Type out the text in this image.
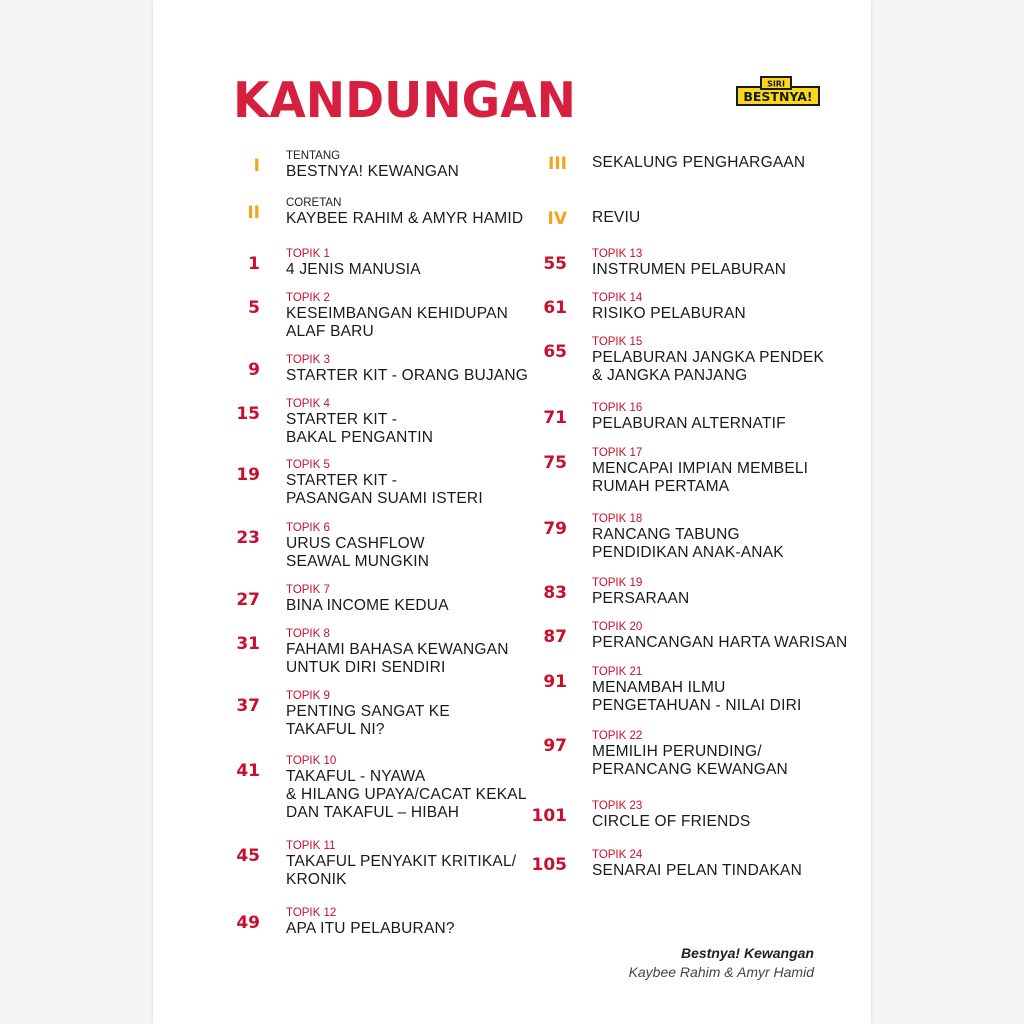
KANDUNGAN	SIRI
BESTNYA!
I TENTANG
BESTNYA! KEWANGAN
II CORETAN
KAYBEE RAHIM & AMYR HAMID
1 TOPIK 1
4 JENIS MANUSIA
5 TOPIK 2
KESEIMBANGAN KEHIDUPAN
ALAF BARU
9 TOPIK 3
STARTER KIT - ORANG BUJANG
15 TOPIK 4
STARTER KIT -
BAKAL PENGANTIN
19 TOPIK 5
STARTER KIT -
PASANGAN SUAMI ISTERI
23 TOPIK 6
URUS CASHFLOW
SEAWAL MUNGKIN
27 TOPIK 7
BINA INCOME KEDUA
31 TOPIK 8
FAHAMI BAHASA KEWANGAN
UNTUK DIRI SENDIRI
37 TOPIK 9
PENTING SANGAT KE
TAKAFUL NI?
41 TOPIK 10
TAKAFUL - NYAWA
& HILANG UPAYA/CACAT KEKAL
DAN TAKAFUL – HIBAH
45 TOPIK 11
TAKAFUL PENYAKIT KRITIKAL/
KRONIK
49 TOPIK 12
APA ITU PELABURAN?
III SEKALUNG PENGHARGAAN
IV REVIU
55 TOPIK 13
INSTRUMEN PELABURAN
61 TOPIK 14
RISIKO PELABURAN
65 TOPIK 15
PELABURAN JANGKA PENDEK
& JANGKA PANJANG
71 TOPIK 16
PELABURAN ALTERNATIF
75 TOPIK 17
MENCAPAI IMPIAN MEMBELI
RUMAH PERTAMA
79 TOPIK 18
RANCANG TABUNG
PENDIDIKAN ANAK-ANAK
83 TOPIK 19
PERSARAAN
87 TOPIK 20
PERANCANGAN HARTA WARISAN
91 TOPIK 21
MENAMBAH ILMU
PENGETAHUAN - NILAI DIRI
97 TOPIK 22
MEMILIH PERUNDING/
PERANCANG KEWANGAN
101 TOPIK 23
CIRCLE OF FRIENDS
105 TOPIK 24
SENARAI PELAN TINDAKAN
Bestnya! Kewangan
Kaybee Rahim & Amyr Hamid
